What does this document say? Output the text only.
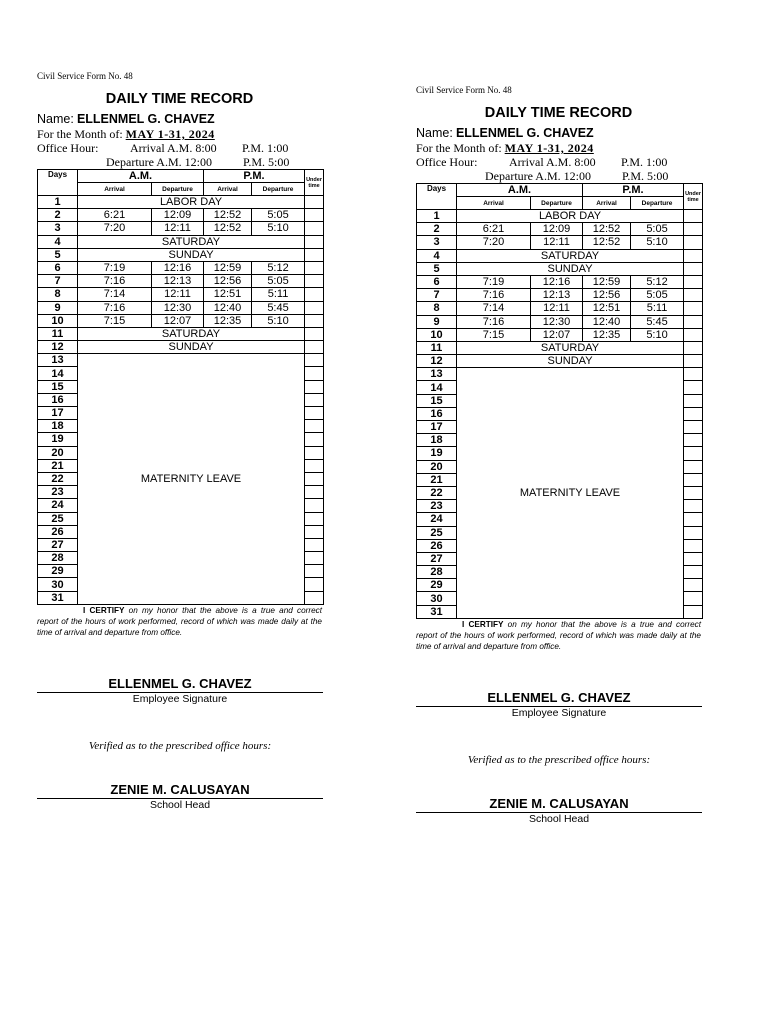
Civil Service Form No. 48
DAILY TIME RECORD
Name: ELLENMEL G. CHAVEZ
For the Month of: MAY 1-31, 2024
Office Hour:	Arrival A.M. 8:00 P.M. 1:00
Departure A.M. 12:00	P.M. 5:00
Days	A.M.		P.M.		Under time
	Arrival	Departure	Arrival	Departure	
1	LABOR DAY				
2	6:21	12:09	12:52	5:05	
3	7:20	12:11	12:52	5:10	
4	SATURDAY				
5	SUNDAY				
6	7:19	12:16	12:59	5:12	
7	7:16	12:13	12:56	5:05	
8	7:14	12:11	12:51	5:11	
9	7:16	12:30	12:40	5:45	
10	7:15	12:07	12:35	5:10	
11	SATURDAY				
12	SUNDAY				
13	MATERNITY LEAVE				
14					
15					
16					
17					
18					
19					
20					
21					
22					
23					
24					
25					
26					
27					
28					
29					
30					
31					
I CERTIFY on my honor that the above is a true and correct report of the hours of work performed, record of which was made daily at the time of arrival and departure from office.
ELLENMEL G. CHAVEZ
Employee Signature
Verified as to the prescribed office hours:
ZENIE M. CALUSAYAN
School Head
Civil Service Form No. 48
DAILY TIME RECORD
Name: ELLENMEL G. CHAVEZ
For the Month of: MAY 1-31, 2024
Office Hour:	Arrival A.M. 8:00 P.M. 1:00
Departure A.M. 12:00	P.M. 5:00
Days	A.M.		P.M.		Under time
	Arrival	Departure	Arrival	Departure	
1	LABOR DAY				
2	6:21	12:09	12:52	5:05	
3	7:20	12:11	12:52	5:10	
4	SATURDAY				
5	SUNDAY				
6	7:19	12:16	12:59	5:12	
7	7:16	12:13	12:56	5:05	
8	7:14	12:11	12:51	5:11	
9	7:16	12:30	12:40	5:45	
10	7:15	12:07	12:35	5:10	
11	SATURDAY				
12	SUNDAY				
13	MATERNITY LEAVE				
14					
15					
16					
17					
18					
19					
20					
21					
22					
23					
24					
25					
26					
27					
28					
29					
30					
31					
I CERTIFY on my honor that the above is a true and correct report of the hours of work performed, record of which was made daily at the time of arrival and departure from office.
ELLENMEL G. CHAVEZ
Employee Signature
Verified as to the prescribed office hours:
ZENIE M. CALUSAYAN
School Head
